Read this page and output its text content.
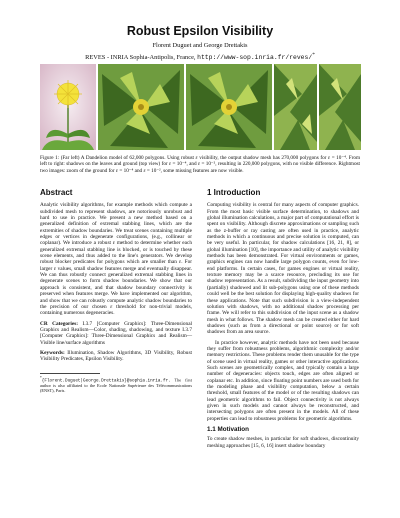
Robust Epsilon Visibility
Florent Duguet and George Drettakis
REVES - INRIA Sophia-Antipolis, France, http://www-sop.inria.fr/reves/*
Figure 1: (Far left) A Dandelion model of 62,000 polygons. Using robust ε visibility, the output shadow mesh has 270,000 polygons for ε = 10⁻⁴. From left to right: shadows on the leaves and ground (top view) for ε = 10⁻⁴, and ε = 10⁻², resulting in 220,000 polygons, with no visible difference. Rightmost two images: zoom of the ground for ε = 10⁻⁴ and ε = 10⁻², some missing features are now visible.
Abstract
Analytic visibility algorithms, for example methods which compute a subdivided mesh to represent shadows, are notoriously unrobust and hard to use in practice. We present a new method based on a generalized definition of extremal stabbing lines, which are the extremities of shadow boundaries. We treat scenes containing multiple edges or vertices in degenerate configurations, (e.g., collinear or coplanar). We introduce a robust ε method to determine whether each generalized extremal stabbing line is blocked, or is touched by these scene elements, and thus added to the line's generators. We develop robust blocker predicates for polygons which are smaller than ε. For larger ε values, small shadow features merge and eventually disappear. We can thus robustly connect generalized extremal stabbing lines in degenerate scenes to form shadow boundaries. We show that our approach is consistent, and that shadow boundary connectivity is preserved when features merge. We have implemented our algorithm, and show that we can robustly compute analytic shadow boundaries to the precision of our chosen ε threshold for non-trivial models, containing numerous degeneracies.
CR Categories: I.3.7 [Computer Graphics]: Three-Dimensional Graphics and Realism—Color, shading, shadowing, and texture I.3.7 [Computer Graphics]: Three-Dimensional Graphics and Realism—Visible line/surface algorithms
Keywords: Illumination, Shadow Algorithms, 3D Visibility, Robust Visibility Predicates, Epsilon Visibility.
*{Florent.Duguet|George.Drettakis}@sophia.inria.fr. The first author is also affiliated to the Ecole Nationale Supérieure des Télécommunications (ENST), Paris.
1 Introduction
Computing visibility is central for many aspects of computer graphics. From the most basic visible surface determination, to shadows and global illumination calculations, a major part of computational effort is spent on visibility. Although discrete approximations or sampling such as the z-buffer or ray casting are often used in practice, analytic methods in which a continuous and precise solution is computed, can be very useful. In particular, for shadow calculations [16, 21, 8], or global illumination [10], the importance and utility of analytic visibility methods has been demonstrated. For virtual environments or games, graphics engines can now handle large polygon counts, even for low-end platforms. In certain cases, for games engines or virtual reality, texture memory may be a scarce resource, precluding its use for shadow representation. As a result, subdividing the input geometry into (partially) shadowed and lit sub-polygons using one of these methods could well be the best solution for displaying high-quality shadows for these applications. Note that such subdivision is a view-independent solution with shadows, with no additional shadow processing per frame. We will refer to this subdivision of the input scene as a shadow mesh in what follows. The shadow mesh can be created either for hard shadows (such as from a directional or point source) or for soft shadows from an area source.
In practice however, analytic methods have not been used because they suffer from robustness problems, algorithmic complexity and/or memory restrictions. These problems render them unusable for the type of scene used in virtual reality, games or other interactive applications. Such scenes are geometrically complex, and typically contain a large number of degeneracies: objects touch, edges are often aligned or coplanar etc. In addition, since floating point numbers are used both for the modeling phase and visibility computation, below a certain threshold, small features of the model or of the resulting shadows can lead geometric algorithms to fail. Object connectivity is not always given in such models and cannot always be reconstructed, and intersecting polygons are often present in the models. All of these properties can lead to robustness problems for geometric algorithms.
1.1 Motivation
To create shadow meshes, in particular for soft shadows, discontinuity meshing approaches [15, 6, 16] insert shadow boundary
